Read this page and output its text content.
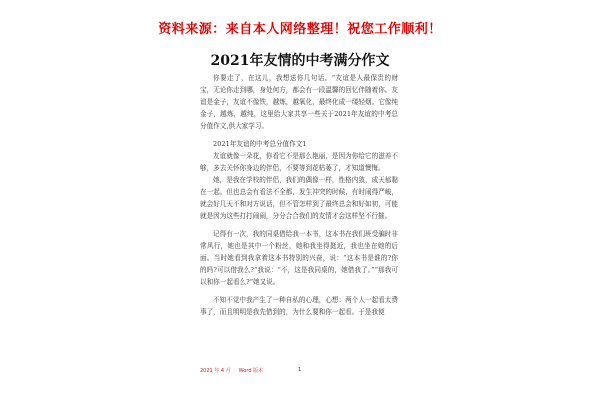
资料来源：来自本人网络整理！祝您工作顺利！
2021年友情的中考满分作文

你要走了，在这儿，我想送你几句话。“友谊是人最保贵的财宝，无论你走到哪，身处何方，都会有一段温馨的回忆伴随着你。友谊是金子，友谊不像铁，越炼，越氧化，最终化成一缕轻烟。它像纯金子，越炼，越纯，这里给大家共享一些关于2021年友谊的中考总分值作文,供大家学习。

2021年友谊的中考总分值作文1

友谊就像一朵花，你看它不是那么艳丽，是因为你给它的滋养不够，多去关怀你身边的伴侣，不要等到花枯萎了，才知道懊悔。

她，是我在学校的伴侣，我们的偶像一样，性格内敛，成天郁黏在一起。但也总会有看法不全都，发生冲突的时候，有时闹得严峻，就会好几天不和对方说话，但不管怎样到了最终总会和好如初，可能就是因为这些打打闹闹，分分合合我们的友情才会这样坚不行摧。

记得有一次，我的同桌借给我一本书，这本书在我们班受骗时非常风行，她也是其中一个粉丝，她和我坐得挺近，我也坐在她的后面。当时她看到我拿着这本书特别的兴奋，说：“这本书是谁的?你的吗?可以借我么?”我说：“不，这是我同桌的，她借我了。”“那我可以和你一起看么?”她又说。

不知不觉中我产生了一种自私的心理，心想：两个人一起看太费事了，而且明明是我先借到的，为什么要和你一起看。于是我便

2021 年 4 月 Word 版本	1
